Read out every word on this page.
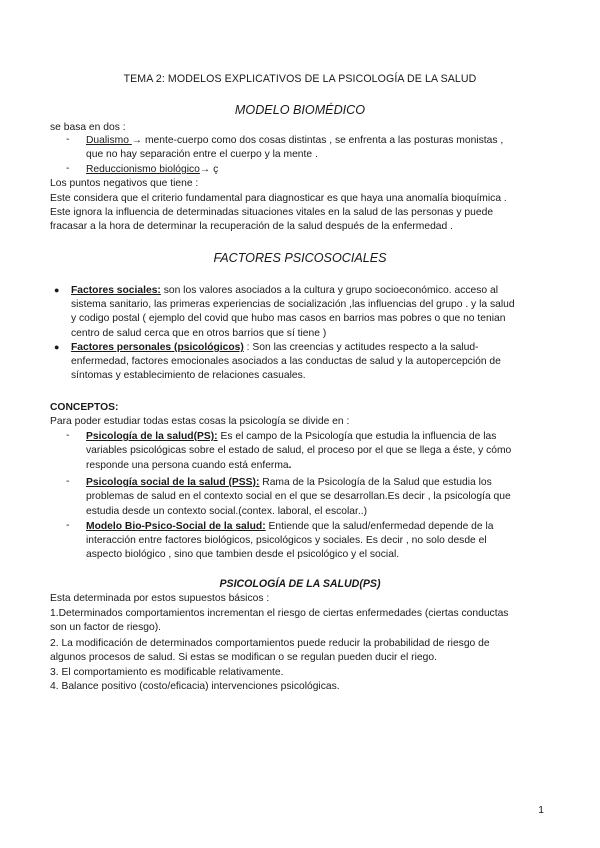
TEMA 2: MODELOS EXPLICATIVOS DE LA PSICOLOGÍA DE LA SALUD
MODELO BIOMÉDICO
se basa en dos :
- Dualismo → mente-cuerpo como dos cosas distintas , se enfrenta a las posturas monistas ,
que no hay separación entre el cuerpo y la mente .
- Reduccionismo biológico→ ç
Los puntos negativos que tiene :
Este considera que el criterio fundamental para diagnosticar es que haya una anomalía bioquímica .
Este ignora la influencia de determinadas situaciones vitales en la salud de las personas y puede
fracasar a la hora de determinar la recuperación de la salud después de la enfermedad .
FACTORES PSICOSOCIALES
● Factores sociales: son los valores asociados a la cultura y grupo socioeconómico. acceso al
sistema sanitario, las primeras experiencias de socialización ,las influencias del grupo . y la salud
y codigo postal ( ejemplo del covid que hubo mas casos en barrios mas pobres o que no tenian
centro de salud cerca que en otros barrios que sí tiene )
● Factores personales (psicológicos) : Son las creencias y actitudes respecto a la salud-
enfermedad, factores emocionales asociados a las conductas de salud y la autopercepción de
síntomas y establecimiento de relaciones casuales.
CONCEPTOS:
Para poder estudiar todas estas cosas la psicología se divide en :
- Psicología de la salud(PS): Es el campo de la Psicología que estudia la influencia de las
variables psicológicas sobre el estado de salud, el proceso por el que se llega a éste, y cómo
responde una persona cuando está enferma.
- Psicología social de la salud (PSS): Rama de la Psicología de la Salud que estudia los
problemas de salud en el contexto social en el que se desarrollan.Es decir , la psicología que
estudia desde un contexto social.(contex. laboral, el escolar..)
- Modelo Bio-Psico-Social de la salud: Entiende que la salud/enfermedad depende de la
interacción entre factores biológicos, psicológicos y sociales. Es decir , no solo desde el
aspecto biológico , sino que tambien desde el psicológico y el social.
PSICOLOGÍA DE LA SALUD(PS)
Esta determinada por estos supuestos básicos :
1.Determinados comportamientos incrementan el riesgo de ciertas enfermedades (ciertas conductas
son un factor de riesgo).
2. La modificación de determinados comportamientos puede reducir la probabilidad de riesgo de
algunos procesos de salud. Si estas se modifican o se regulan pueden ducir el riego.
3. El comportamiento es modificable relativamente.
4. Balance positivo (costo/eficacia) intervenciones psicológicas.
1
